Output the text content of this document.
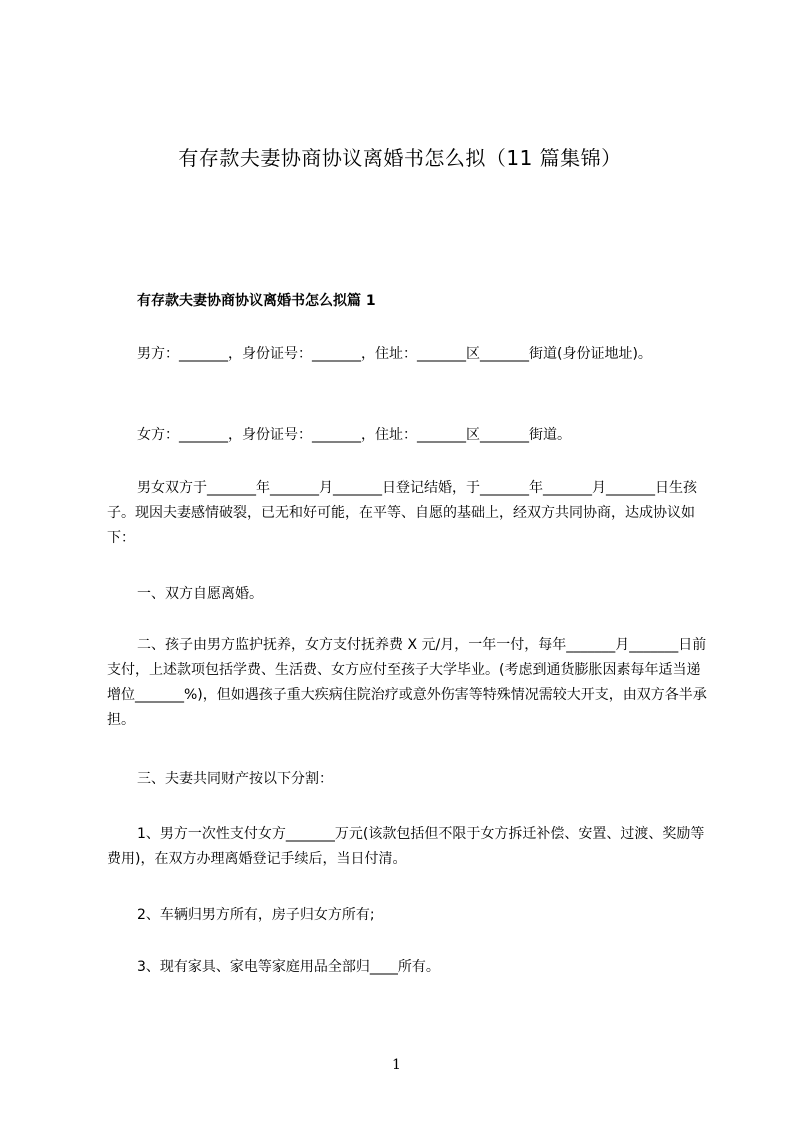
有存款夫妻协商协议离婚书怎么拟（11 篇集锦）
有存款夫妻协商协议离婚书怎么拟篇 1

男方：_______，身份证号：_______，住址：_______区_______街道(身份证地址)。

女方：_______，身份证号：_______，住址：_______区_______街道。

男女双方于_______年_______月_______日登记结婚，于_______年_______月_______日生孩子。现因夫妻感情破裂，已无和好可能，在平等、自愿的基础上，经双方共同协商，达成协议如下：

一、双方自愿离婚。

二、孩子由男方监护抚养，女方支付抚养费 X 元/月，一年一付，每年_______月_______日前支付，上述款项包括学费、生活费、女方应付至孩子大学毕业。(考虑到通货膨胀因素每年适当递增位_______%)，但如遇孩子重大疾病住院治疗或意外伤害等特殊情况需较大开支，由双方各半承担。

三、夫妻共同财产按以下分割：

1、男方一次性支付女方_______万元(该款包括但不限于女方拆迁补偿、安置、过渡、奖励等费用)，在双方办理离婚登记手续后，当日付清。

2、车辆归男方所有，房子归女方所有;

3、现有家具、家电等家庭用品全部归____所有。

1
